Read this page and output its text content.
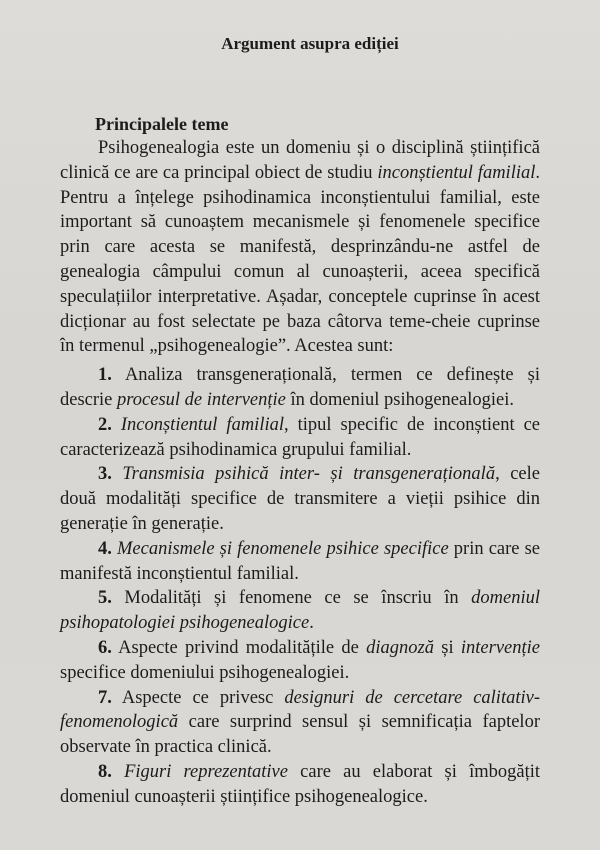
Argument asupra ediției
Principalele teme

Psihogenealogia este un domeniu și o disciplină științifică clinică ce are ca principal obiect de studiu inconștientul familial. Pentru a înțelege psihodinamica inconștientului familial, este important să cunoaștem mecanismele și fenomenele specifice prin care acesta se manifestă, desprinzându-ne astfel de genealogia câmpului comun al cunoașterii, aceea specifică speculațiilor interpretative. Așadar, conceptele cuprinse în acest dicționar au fost selectate pe baza câtorva teme-cheie cuprinse în termenul „psihogenealogie”. Acestea sunt:

1. Analiza transgenerațională, termen ce definește și descrie procesul de intervenție în domeniul psihogenealogiei.

2. Inconștientul familial, tipul specific de inconștient ce caracterizează psihodinamica grupului familial.

3. Transmisia psihică inter- și transgenerațională, cele două modalități specifice de transmitere a vieții psihice din generație în generație.

4. Mecanismele și fenomenele psihice specifice prin care se manifestă inconștientul familial.

5. Modalități și fenomene ce se înscriu în domeniul psihopatologiei psihogenealogice.

6. Aspecte privind modalitățile de diagnoză și intervenție specifice domeniului psihogenealogiei.

7. Aspecte ce privesc designuri de cercetare calitativ-fenomenologică care surprind sensul și semnificația faptelor observate în practica clinică.

8. Figuri reprezentative care au elaborat și îmbogățit domeniul cunoașterii științifice psihogenealogice.
